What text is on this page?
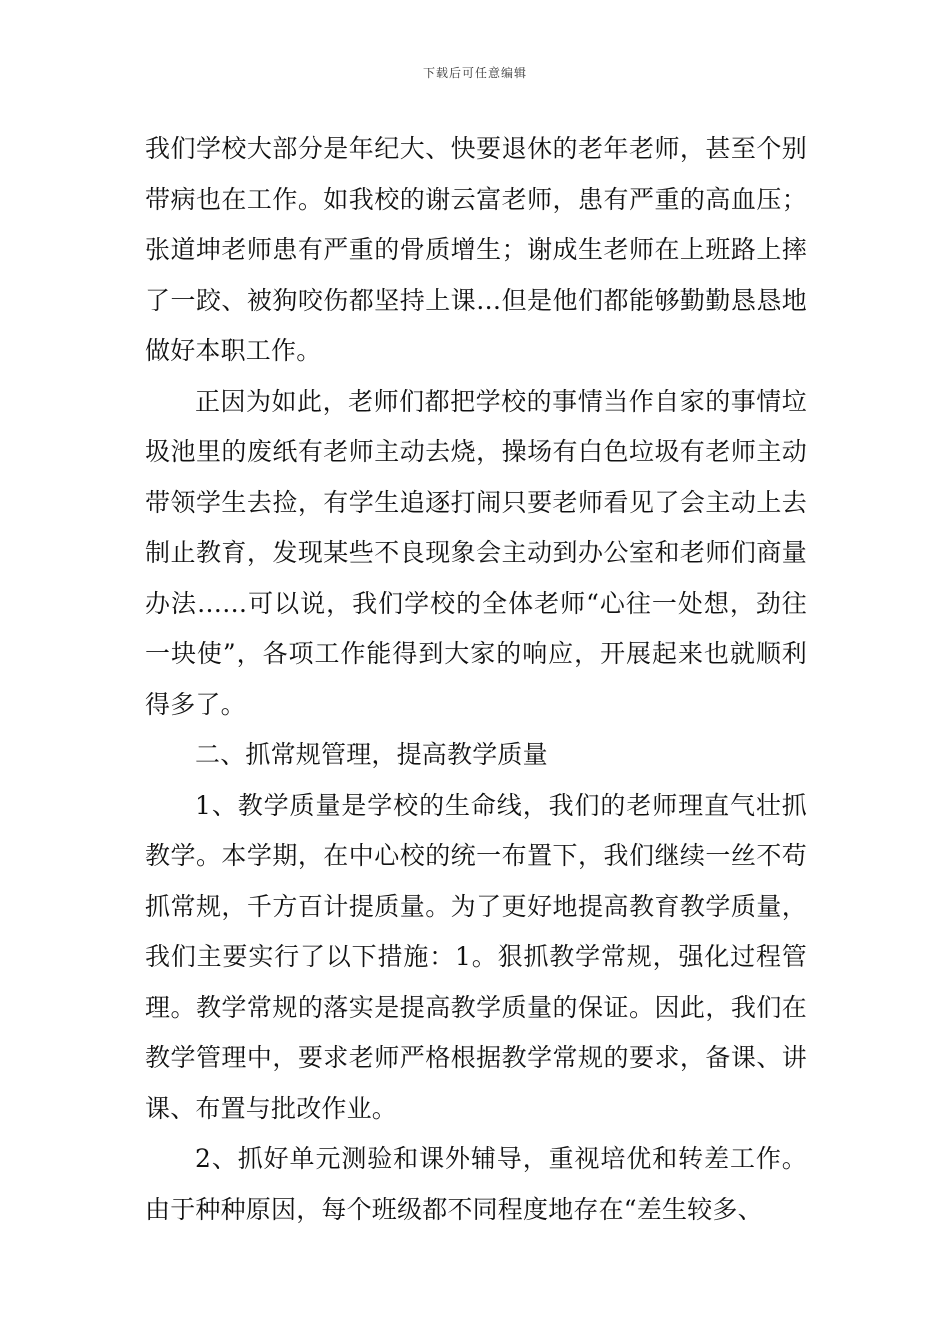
下载后可任意编辑

我们学校大部分是年纪大、快要退休的老年老师，甚至个别带病也在工作。如我校的谢云富老师，患有严重的高血压；张道坤老师患有严重的骨质增生；谢成生老师在上班路上摔了一跤、被狗咬伤都坚持上课…但是他们都能够勤勤恳恳地做好本职工作。

正因为如此，老师们都把学校的事情当作自家的事情垃圾池里的废纸有老师主动去烧，操场有白色垃圾有老师主动带领学生去捡，有学生追逐打闹只要老师看见了会主动上去制止教育，发现某些不良现象会主动到办公室和老师们商量办法……可以说，我们学校的全体老师“心往一处想，劲往一块使”，各项工作能得到大家的响应，开展起来也就顺利得多了。

二、抓常规管理，提高教学质量

1、教学质量是学校的生命线，我们的老师理直气壮抓教学。本学期，在中心校的统一布置下，我们继续一丝不苟抓常规，千方百计提质量。为了更好地提高教育教学质量，我们主要实行了以下措施：1。狠抓教学常规，强化过程管理。教学常规的落实是提高教学质量的保证。因此，我们在教学管理中，要求老师严格根据教学常规的要求，备课、讲课、布置与批改作业。

2、抓好单元测验和课外辅导，重视培优和转差工作。由于种种原因，每个班级都不同程度地存在“差生较多、
